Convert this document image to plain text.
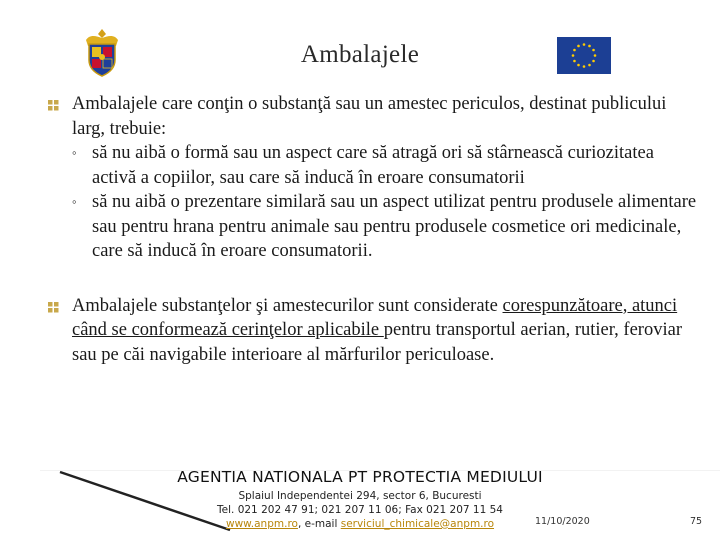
Ambalajele
Ambalajele care conţin o substanţă sau un amestec periculos, destinat publicului larg, trebuie:
◦ să nu aibă o formă sau un aspect care să atragă ori să stârnească curiozitatea activă a copiilor, sau care să inducă în eroare consumatorii
◦ să nu aibă o prezentare similară sau un aspect utilizat pentru produsele alimentare sau pentru hrana pentru animale sau pentru produsele cosmetice ori medicinale, care să inducă în eroare consumatorii.
Ambalajele substanţelor şi amestecurilor sunt considerate corespunzătoare, atunci când se conformează cerinţelor aplicabile pentru transportul aerian, rutier, feroviar sau pe căi navigabile interioare al mărfurilor periculoase.
AGENTIA NATIONALA PT PROTECTIA MEDIULUI
Splaiul Independentei 294, sector 6, Bucuresti
Tel. 021 202 47 91; 021 207 11 06; Fax 021 207 11 54
www.anpm.ro, e-mail serviciul_chimicale@anpm.ro	11/10/2020	75
